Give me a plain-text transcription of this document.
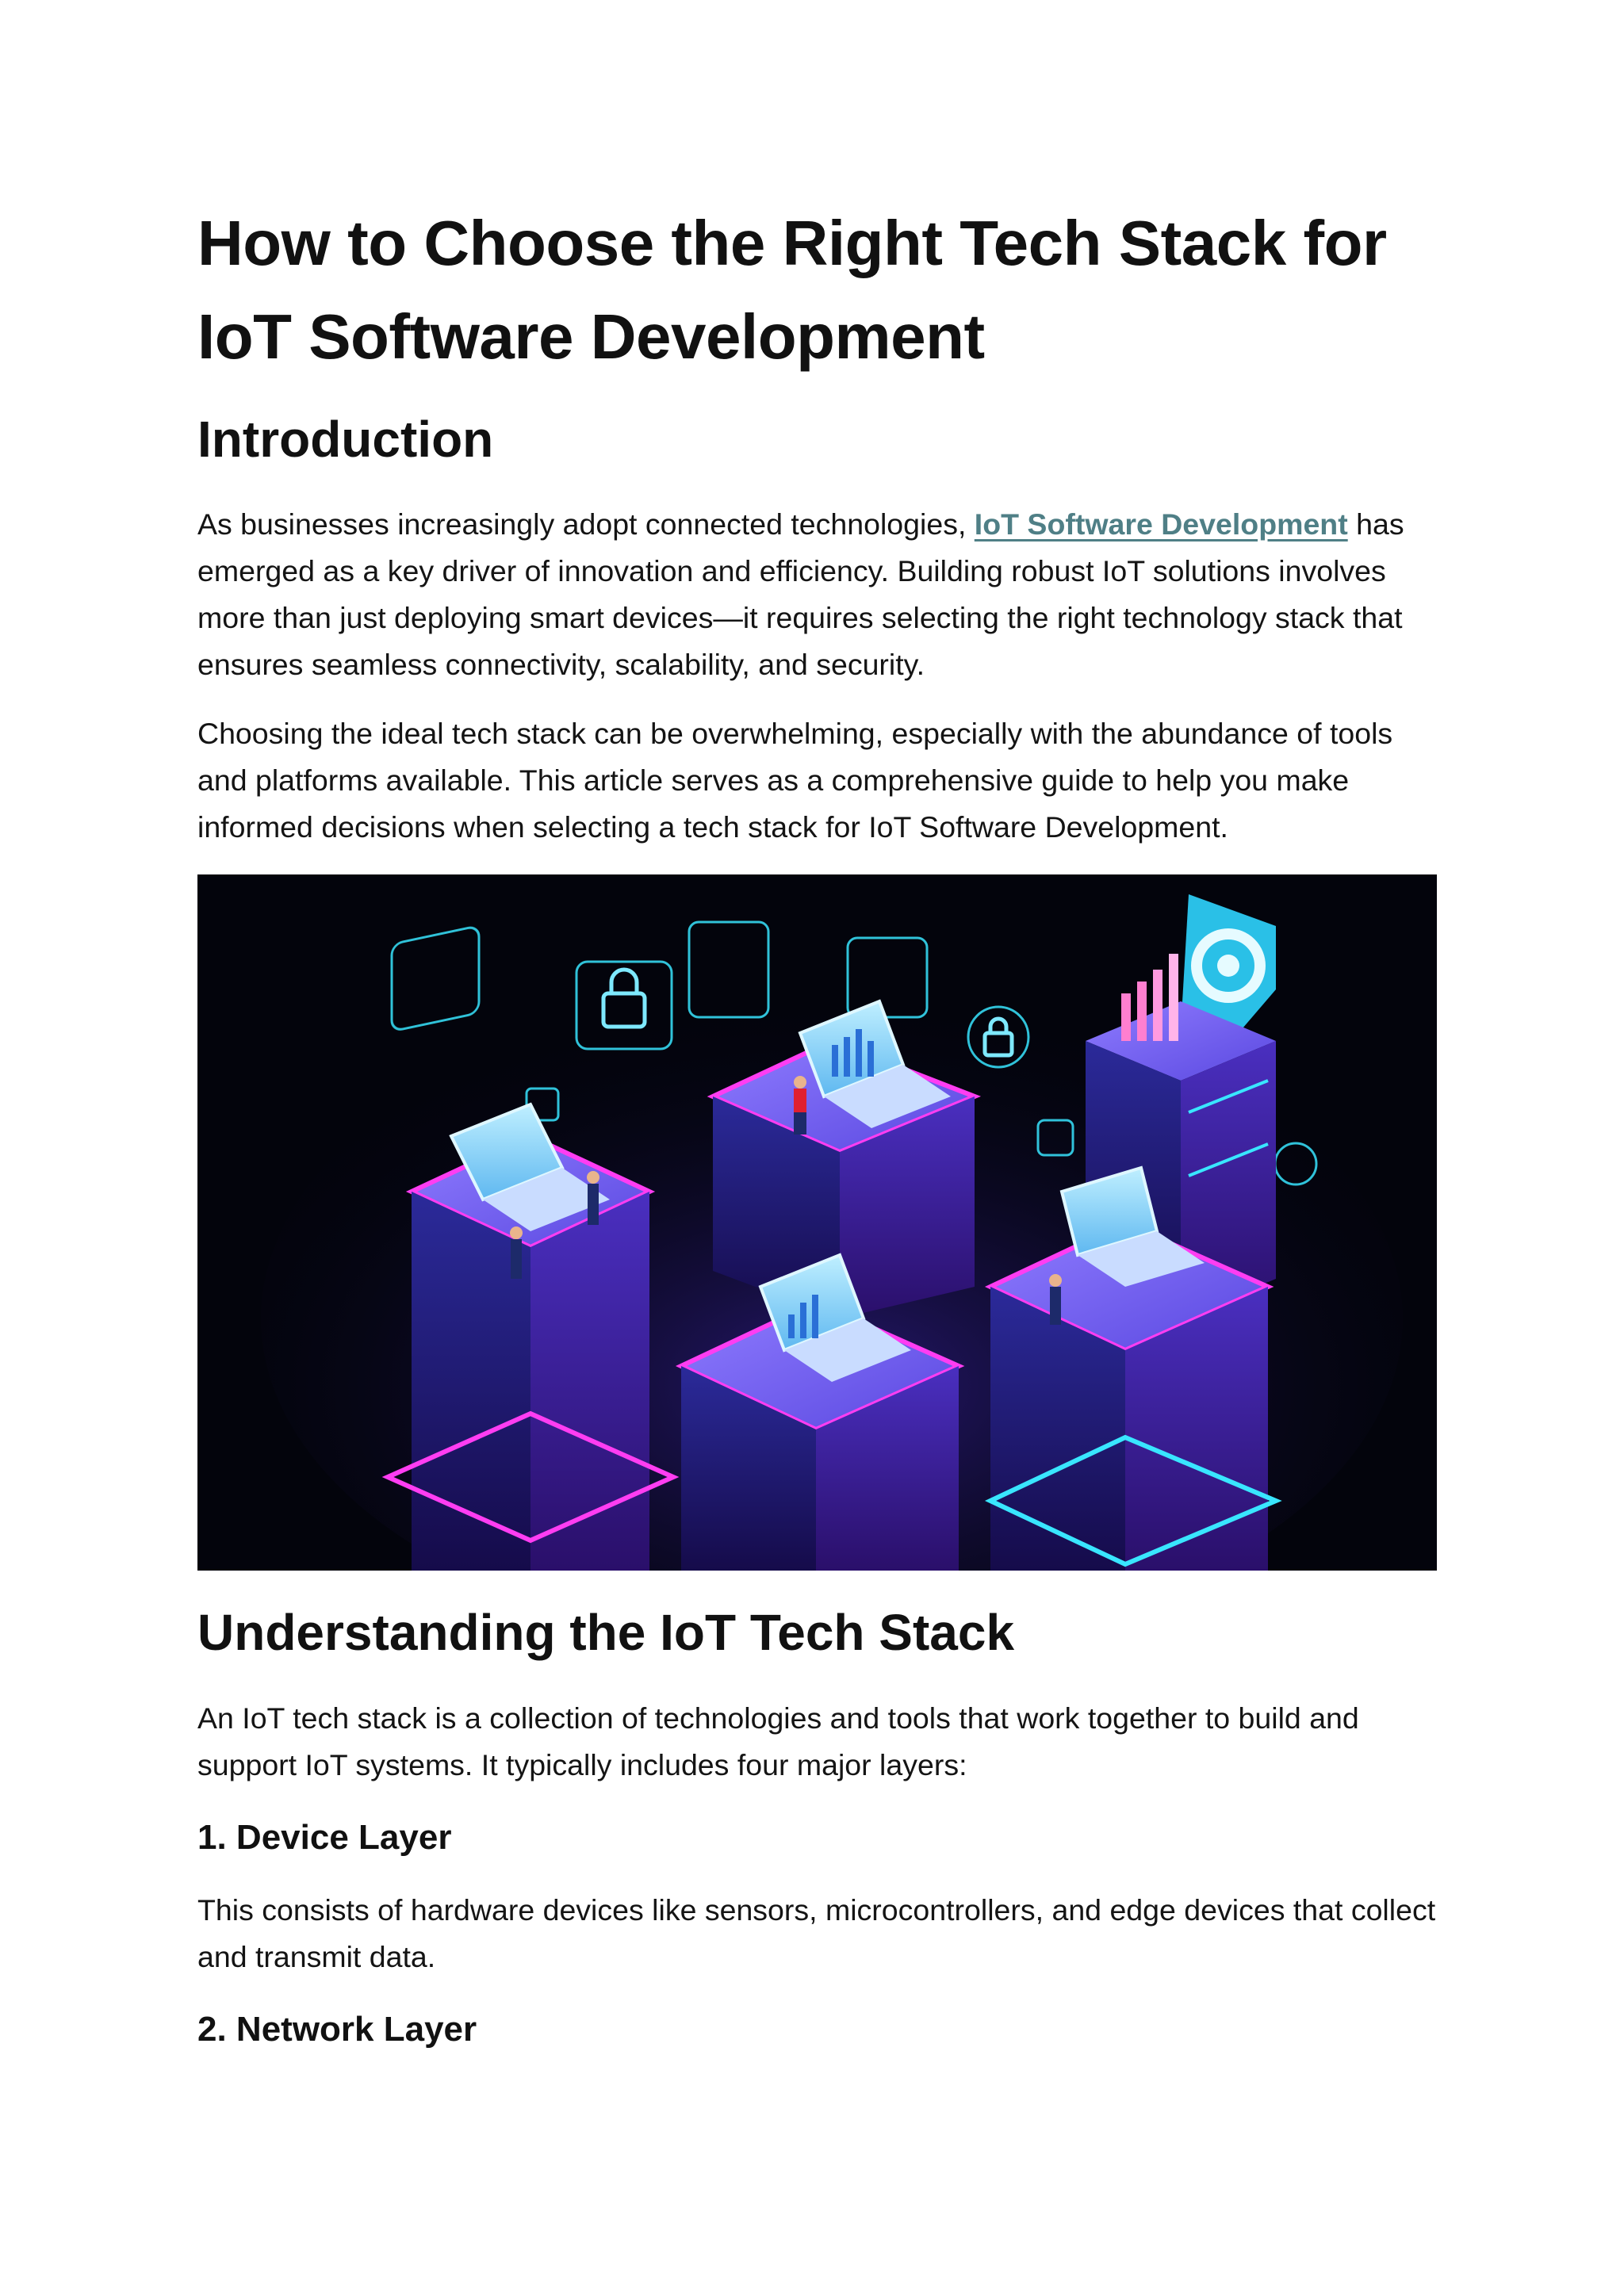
How to Choose the Right Tech Stack for IoT Software Development
Introduction

As businesses increasingly adopt connected technologies, IoT Software Development has emerged as a key driver of innovation and efficiency. Building robust IoT solutions involves more than just deploying smart devices—it requires selecting the right technology stack that ensures seamless connectivity, scalability, and security.

Choosing the ideal tech stack can be overwhelming, especially with the abundance of tools and platforms available. This article serves as a comprehensive guide to help you make informed decisions when selecting a tech stack for IoT Software Development.

Understanding the IoT Tech Stack

An IoT tech stack is a collection of technologies and tools that work together to build and support IoT systems. It typically includes four major layers:

1. Device Layer

This consists of hardware devices like sensors, microcontrollers, and edge devices that collect and transmit data.

2. Network Layer
